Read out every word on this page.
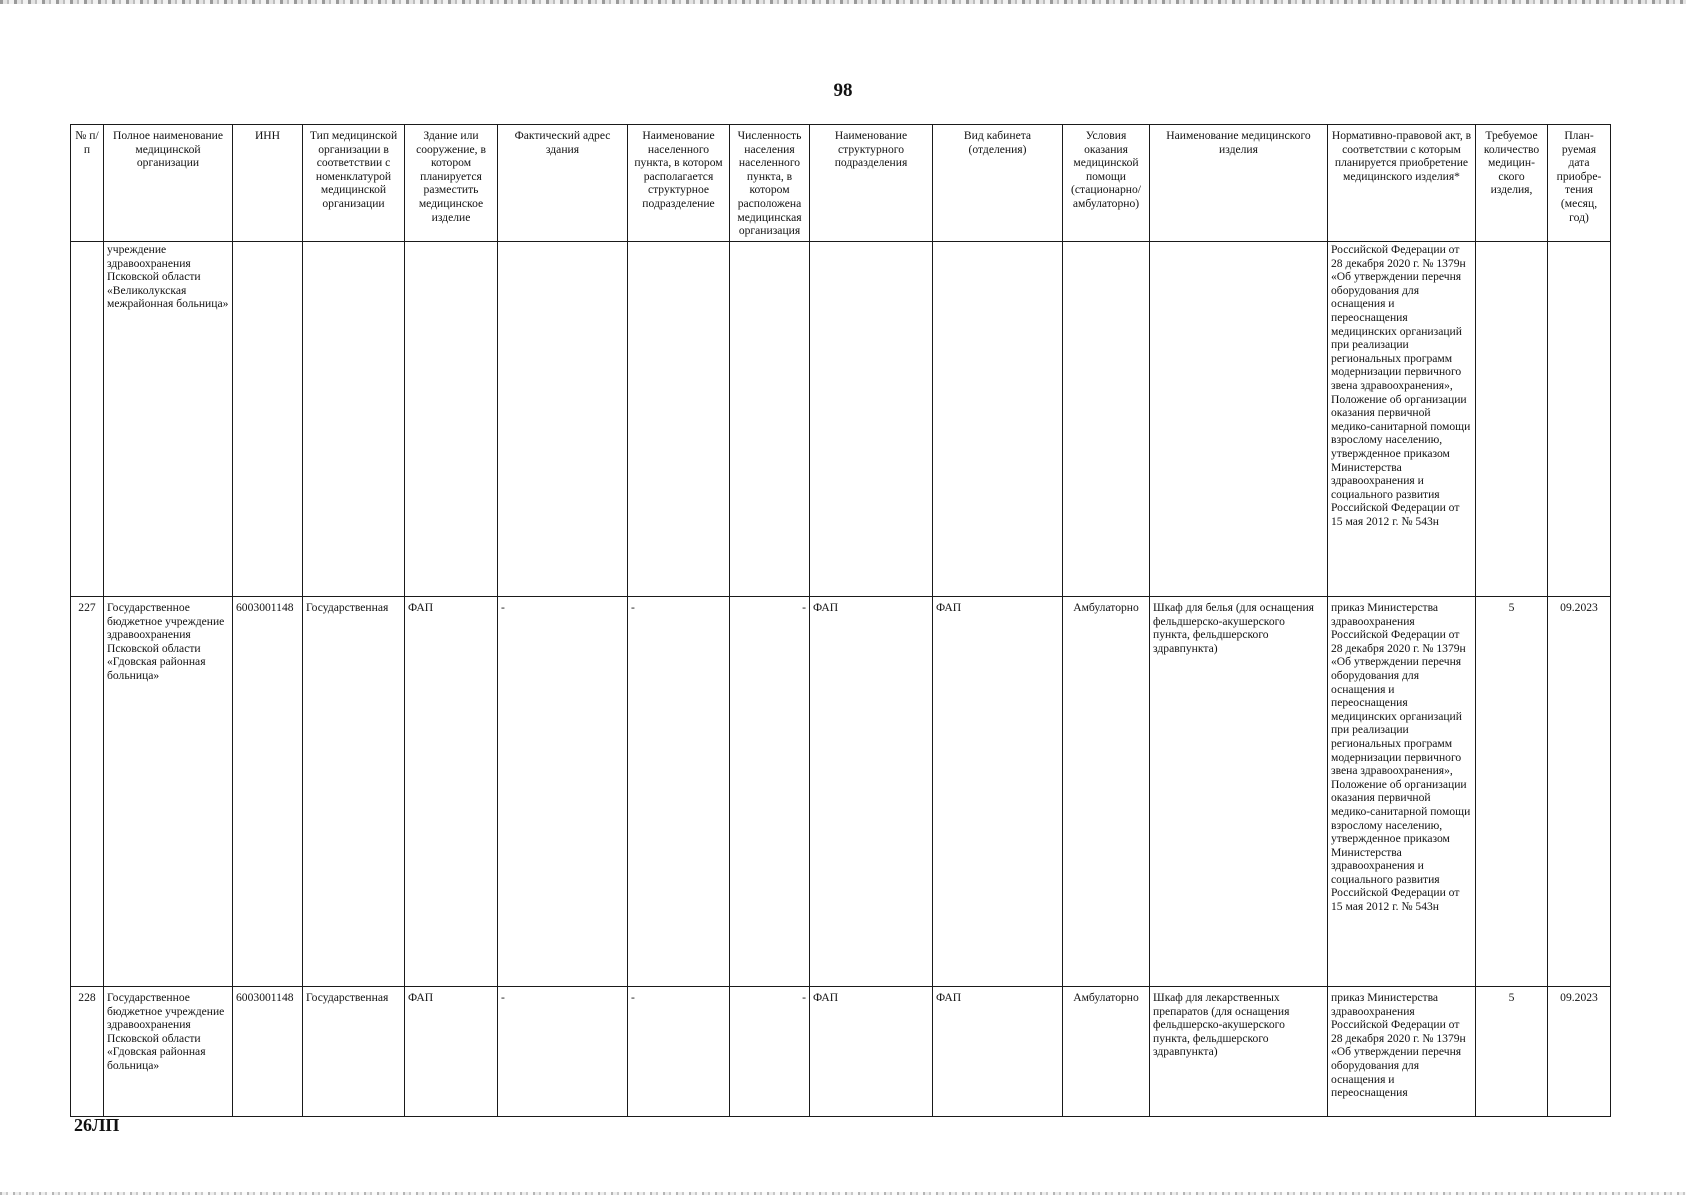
98
№ п/п	Полное наименование медицинской организации	ИНН	Тип медицинской организации в соответствии с номенклатурой медицинской организации	Здание или сооружение, в котором планируется разместить медицинское изделие	Фактический адрес здания	Наименование населенного пункта, в котором располагается структурное подразделение	Численность населения населенного пункта, в котором расположена медицинская организация	Наименование структурного подразделения	Вид кабинета (отделения)	Условия оказания медицинской помощи (стационарно/ амбулаторно)	Наименование медицинского изделия	Нормативно-правовой акт, в соответствии с которым планируется приобретение медицинского изделия*	Требуемое количество медицин-ского изделия,	План-руемая дата приобре-тения (месяц, год)
	учреждение здравоохранения Псковской области «Великолукская межрайонная больница»											Российской Федерации от 28 декабря 2020 г. № 1379н «Об утверждении перечня оборудования для оснащения и переоснащения медицинских организаций при реализации региональных программ модернизации первичного звена здравоохранения», Положение об организации оказания первичной медико-санитарной помощи взрослому населению, утвержденное приказом Министерства здравоохранения и социального развития Российской Федерации от 15 мая 2012 г. № 543н		
227	Государственное бюджетное учреждение здравоохранения Псковской области «Гдовская районная больница»	6003001148	Государственная	ФАП	-	-	-	ФАП	ФАП	Амбулаторно	Шкаф для белья (для оснащения фельдшерско-акушерского пункта, фельдшерского здравпункта)	приказ Министерства здравоохранения Российской Федерации от 28 декабря 2020 г. № 1379н «Об утверждении перечня оборудования для оснащения и переоснащения медицинских организаций при реализации региональных программ модернизации первичного звена здравоохранения», Положение об организации оказания первичной медико-санитарной помощи взрослому населению, утвержденное приказом Министерства здравоохранения и социального развития Российской Федерации от 15 мая 2012 г. № 543н	5	09.2023
228	Государственное бюджетное учреждение здравоохранения Псковской области «Гдовская районная больница»	6003001148	Государственная	ФАП	-	-	-	ФАП	ФАП	Амбулаторно	Шкаф для лекарственных препаратов (для оснащения фельдшерско-акушерского пункта, фельдшерского здравпункта)	приказ Министерства здравоохранения Российской Федерации от 28 декабря 2020 г. № 1379н «Об утверждении перечня оборудования для оснащения и переоснащения	5	09.2023
26ЛП
